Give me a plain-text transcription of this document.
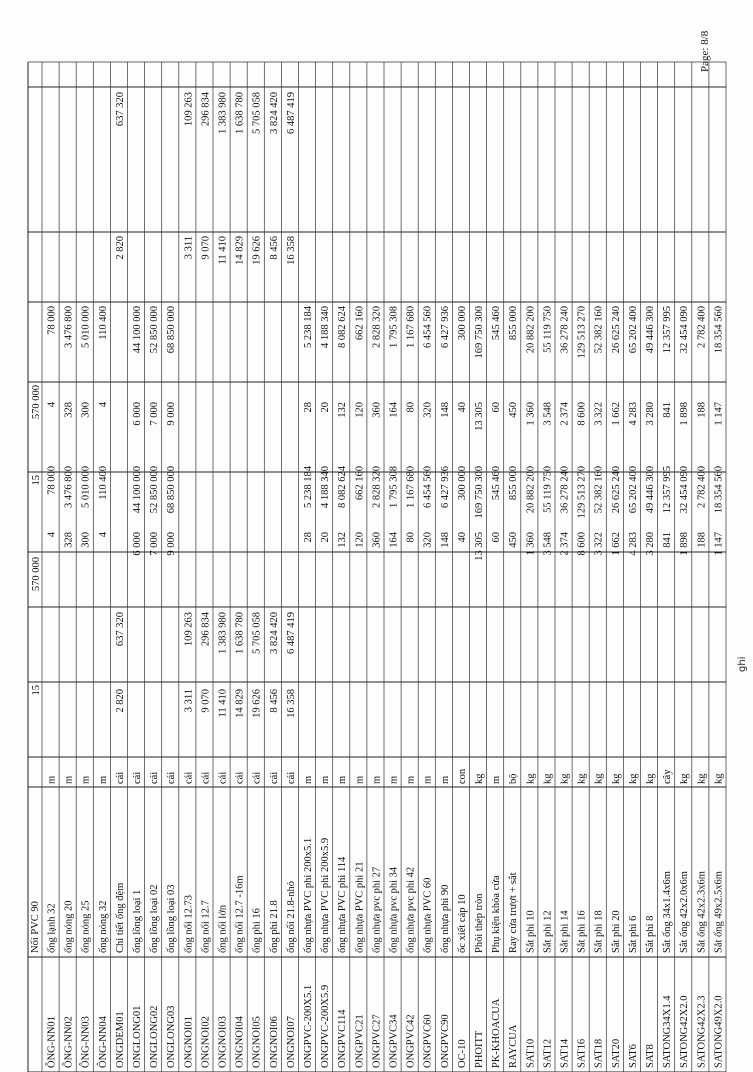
15
570 000
15
570 000
ÔNG-NN01
ống lạnh 32
m
4
78 000
4
78 000
ÔNG-NN02
ống nóng 20
m
328
3 476 800
328
3 476 800
ÔNG-NN03
ống nóng 25
m
300
5 010 000
300
5 010 000
ÔNG-NN04
ống nóng 32
m
4
110 400
4
110 400
ONGDEM01
Chi tiết ống đệm
cái
2 820
637 320
2 820
637 320
ONGLONG01
ống lồng loại 1
cái
6 000
44 100 000
6 000
44 100 000
ONGLONG02
ống lồng loại 02
cái
7 000
52 850 000
7 000
52 850 000
ONGLONG03
ống lồng loại 03
cái
9 000
68 850 000
9 000
68 850 000
ONGNOI01
ống nối 12.73
cái
3 311
109 263
3 311
109 263
ONGNOI02
ống nối 12.7
cái
9 070
296 834
9 070
296 834
ONGNOI03
ống nối lớn
cái
11 410
1 383 980
11 410
1 383 980
ONGNOI04
ống nối 12.7 -16m
cái
14 829
1 638 780
14 829
1 638 780
ONGNOI05
ống phi 16
cái
19 626
5 705 058
19 626
5 705 058
ONGNOI06
ống phi 21.8
cái
8 456
3 824 420
8 456
3 824 420
ONGNOI07
ống nối 21.8-nhỏ
cái
16 358
6 487 419
16 358
6 487 419
ONGPVC-200X5.1
ống nhựa PVC phi 200x5.1
m
28
5 238 184
28
5 238 184
ONGPVC-200X5.9
ống nhựa PVC phi 200x5.9
m
20
4 188 340
20
4 188 340
ONGPVC114
ống nhựa PVC phi 114
m
132
8 082 624
132
8 082 624
ONGPVC21
ống nhựa PVC phi 21
m
120
662 160
120
662 160
ONGPVC27
ống nhựa pvc phi 27
m
360
2 828 320
360
2 828 320
ONGPVC34
ống nhựa pvc phi 34
m
164
1 795 308
164
1 795 308
ONGPVC42
ống nhựa pvc phi 42
m
80
1 167 680
80
1 167 680
ONGPVC60
ống nhựa PVC 60
m
320
6 454 560
320
6 454 560
ONGPVC90
ống nhựa phi 90
m
148
6 427 936
148
6 427 936
OC-10
ốc xiết cáp 10
con
40
300 000
40
300 000
PHOITT
Phôi thép tròn
kg
13 305
169 750 300
13 305
169 750 300
PK-KHOACUA
Phụ kiện khóa cửa
m
60
545 460
60
545 460
RAYCUA
Ray cửa trượt + sắt
bộ
450
855 000
450
855 000
SAT10
Sắt phi 10
kg
1 360
20 882 200
1 360
20 882 200
SAT12
Sắt phi 12
kg
3 548
55 119 750
3 548
55 119 750
SAT14
Sắt phi 14
kg
2 374
36 278 240
2 374
36 278 240
SAT16
Sắt phi 16
kg
8 600
129 513 270
8 600
129 513 270
SAT18
Sắt phi 18
kg
3 322
52 382 160
3 322
52 382 160
SAT20
Sắt phi 20
kg
1 662
26 625 240
1 662
26 625 240
SAT6
Sắt phi 6
kg
4 283
65 202 400
4 283
65 202 400
SAT8
Sắt phi 8
kg
3 280
49 446 300
3 280
49 446 300
SATONG34X1.4
Sắt ống 34x1.4x6m
cây
841
12 357 995
841
12 357 995
SATONG42X2.0
Sắt ống 42x2.0x6m
kg
1 898
32 454 090
1 898
32 454 090
SATONG42X2.3
Sắt ống 42x2.3x6m
kg
188
2 782 400
188
2 782 400
SATONG49X2.0
Sắt ống 49x2.5x6m
kg
1 147
18 354 560
1 147
18 354 560
Nối PVC 90
Page: 8/8
ghi
